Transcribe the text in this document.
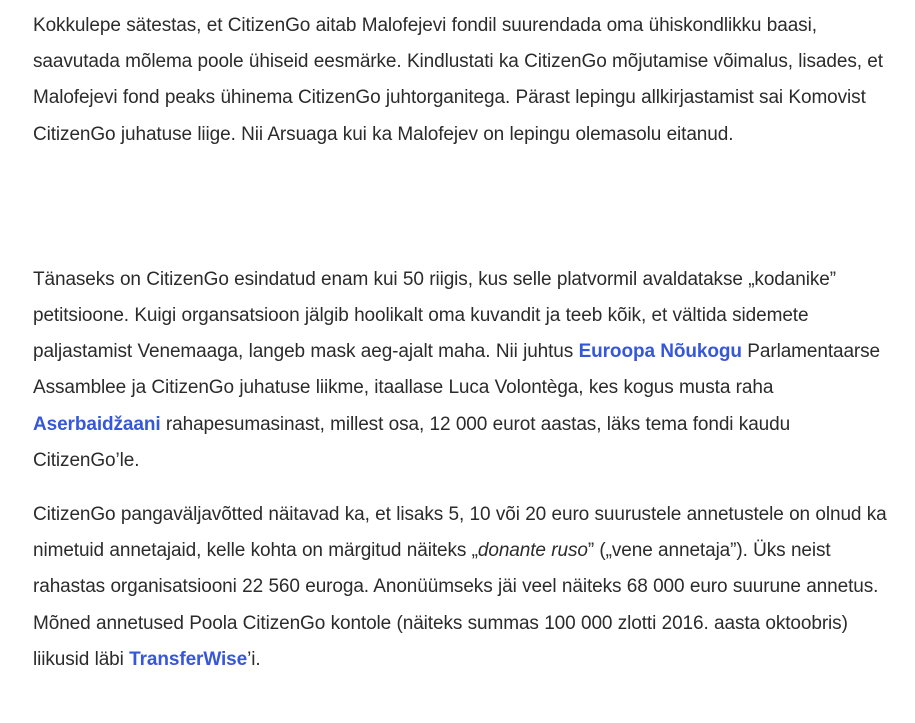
Kokkulepe sätestas, et CitizenGo aitab Malofejevi fondil suurendada oma ühiskondlikku baasi, saavutada mõlema poole ühiseid eesmärke. Kindlustati ka CitizenGo mõjutamise võimalus, lisades, et Malofejevi fond peaks ühinema CitizenGo juhtorganitega. Pärast lepingu allkirjastamist sai Komovist CitizenGo juhatuse liige. Nii Arsuaga kui ka Malofejev on lepingu olemasolu eitanud.

Tänaseks on CitizenGo esindatud enam kui 50 riigis, kus selle platvormil avaldatakse „kodanike” petitsioone. Kuigi organsatsioon jälgib hoolikalt oma kuvandit ja teeb kõik, et vältida sidemete paljastamist Venemaaga, langeb mask aeg-ajalt maha. Nii juhtus Euroopa Nõukogu Parlamentaarse Assamblee ja CitizenGo juhatuse liikme, itaallase Luca Volontèga, kes kogus musta raha Aserbaidžaani rahapesumasinast, millest osa, 12 000 eurot aastas, läks tema fondi kaudu CitizenGo’le.

CitizenGo pangaväljavõtted näitavad ka, et lisaks 5, 10 või 20 euro suurustele annetustele on olnud ka nimetuid annetajaid, kelle kohta on märgitud näiteks „donante ruso” („vene annetaja”). Üks neist rahastas organisatsiooni 22 560 euroga. Anonüümseks jäi veel näiteks 68 000 euro suurune annetus. Mõned annetused Poola CitizenGo kontole (näiteks summas 100 000 zlotti 2016. aasta oktoobris) liikusid läbi TransferWise’i.
